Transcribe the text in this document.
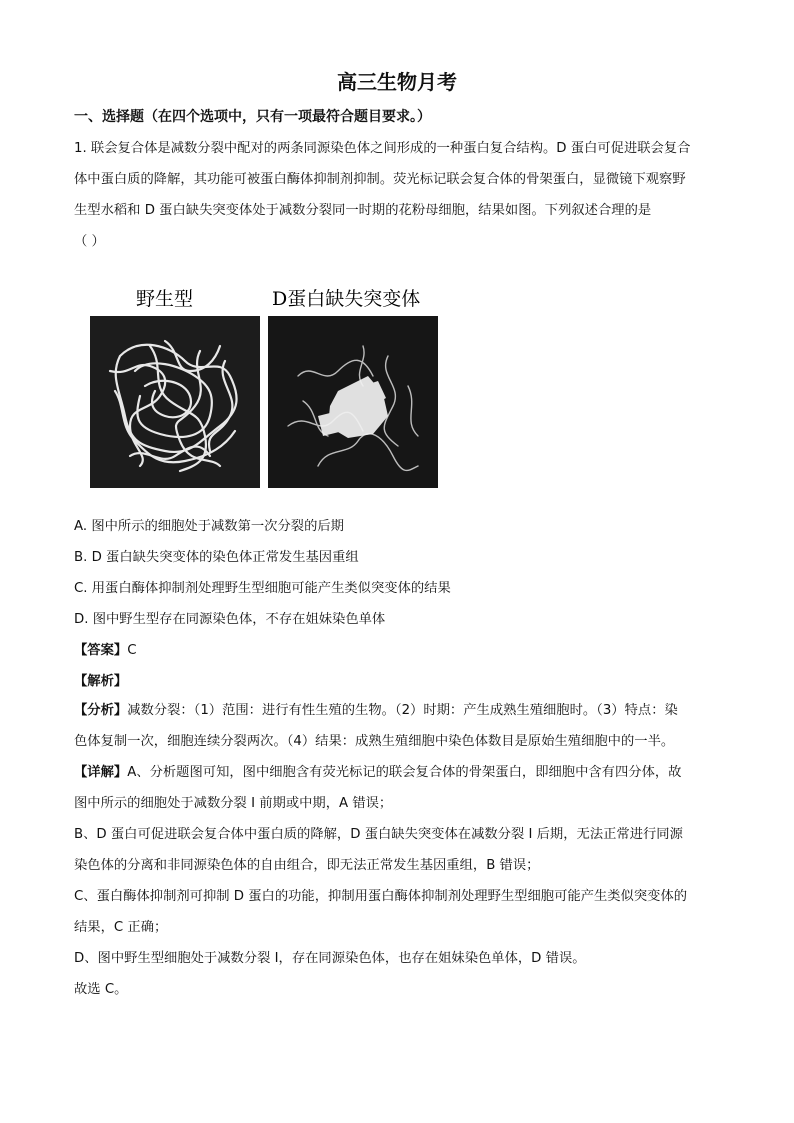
高三生物月考
一、选择题（在四个选项中，只有一项最符合题目要求。）
1. 联会复合体是减数分裂中配对的两条同源染色体之间形成的一种蛋白复合结构。D 蛋白可促进联会复合
体中蛋白质的降解，其功能可被蛋白酶体抑制剂抑制。荧光标记联会复合体的骨架蛋白，显微镜下观察野
生型水稻和 D 蛋白缺失突变体处于减数分裂同一时期的花粉母细胞，结果如图。下列叙述合理的是
（ ）
野生型	D蛋白缺失突变体
A. 图中所示的细胞处于减数第一次分裂的后期
B. D 蛋白缺失突变体的染色体正常发生基因重组
C. 用蛋白酶体抑制剂处理野生型细胞可能产生类似突变体的结果
D. 图中野生型存在同源染色体，不存在姐妹染色单体
【答案】C
【解析】
【分析】减数分裂：（1）范围：进行有性生殖的生物。（2）时期：产生成熟生殖细胞时。（3）特点：染
色体复制一次，细胞连续分裂两次。（4）结果：成熟生殖细胞中染色体数目是原始生殖细胞中的一半。
【详解】A、分析题图可知，图中细胞含有荧光标记的联会复合体的骨架蛋白，即细胞中含有四分体，故
图中所示的细胞处于减数分裂 I 前期或中期，A 错误；
B、D 蛋白可促进联会复合体中蛋白质的降解，D 蛋白缺失突变体在减数分裂 I 后期，无法正常进行同源
染色体的分离和非同源染色体的自由组合，即无法正常发生基因重组，B 错误；
C、蛋白酶体抑制剂可抑制 D 蛋白的功能，抑制用蛋白酶体抑制剂处理野生型细胞可能产生类似突变体的
结果，C 正确；
D、图中野生型细胞处于减数分裂 I，存在同源染色体，也存在姐妹染色单体，D 错误。
故选 C。
